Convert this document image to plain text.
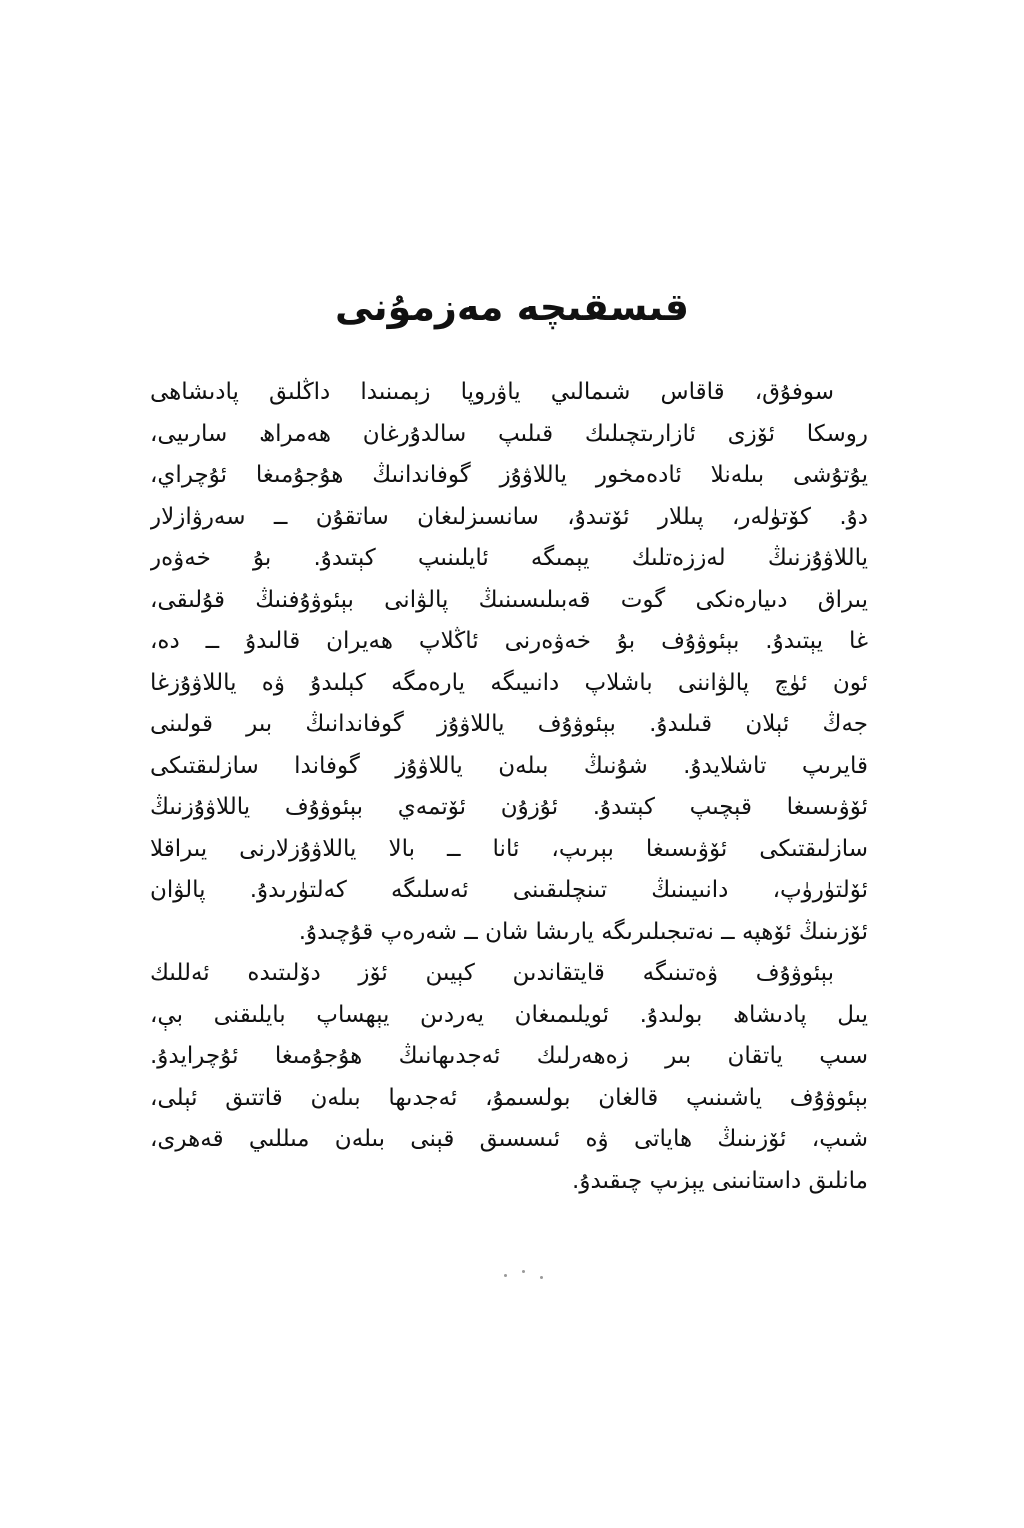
قىسقىچە مەزمۇنى
سوفۇق، قاقاس شىمالىي ياۋروپا زېمىنىدا داڭلىق پادىشاھى
روسكا ئۆزى ئازارىتچىلىك قىلىپ سالدۇرغان ھەمراھ سارىيى،
يۇتۇشى بىلەنلا ئادەمخور ياللاۋۇز گوفاندانىڭ ھۇجۇمىغا ئۇچراي،
دۇ. كۆتۈلەر، پىللار ئۆتىدۇ، سانسىزلىغان ساتقۇن ــ سەرۋازلار
ياللاۋۇزنىڭ لەززەتلىك يېمىگە ئايلىنىپ كېتىدۇ. بۇ خەۋەر
يىراق دىيارەنكى گوت قەبىلىسىنىڭ پالۋانى بېئوۋۇفنىڭ قۇلىقى،
غا يېتىدۇ. بېئوۋۇف بۇ خەۋەرنى ئاڭلاپ ھەيران قالىدۇ ــ دە،
ئون ئۈچ پالۋاننى باشلاپ دانىيىگە يارەمگە كېلىدۇ ۋە ياللاۋۇزغا
جەڭ ئېلان قىلىدۇ. بېئوۋۇف ياللاۋۇز گوفاندانىڭ بىر قولىنى
قايرىپ تاشلايدۇ. شۇنىڭ بىلەن ياللاۋۇز گوفاندا سازلىقتىكى
ئۆۋىسىغا قېچىپ كېتىدۇ. ئۇزۇن ئۆتمەي بېئوۋۇف ياللاۋۇزنىڭ
سازلىقتىكى ئۆۋىسىغا بېرىپ، ئانا ــ بالا ياللاۋۇزلارنى يىراقلا
ئۆلتۈرۈپ، دانىيىنىڭ تىنچلىقىنى ئەسلىگە كەلتۈرىدۇ. پالۋان
ئۆزىنىڭ ئۆھپە ــ نەتىجىلىرىگە يارىشا شان ــ شەرەپ قۇچىدۇ.
بېئوۋۇف ۋەتىنىگە قايتقاندىن كېيىن ئۆز دۆلىتىدە ئەللىك
يىل پادىشاھ بولىدۇ. ئويلىمىغان يەردىن يېھساپ بايلىقنى بې،
سىپ ياتقان بىر زەھەرلىك ئەجدىھانىڭ ھۇجۇمىغا ئۇچرايدۇ.
بېئوۋۇف ياشىنىپ قالغان بولسىمۇ، ئەجدىھا بىلەن قاتتىق ئېلى،
شىپ، ئۆزىنىڭ ھاياتى ۋە ئىسسىق قېنى بىلەن مىللىي قەھرى،
مانلىق داستانىنى يېزىپ چىقىدۇ.
